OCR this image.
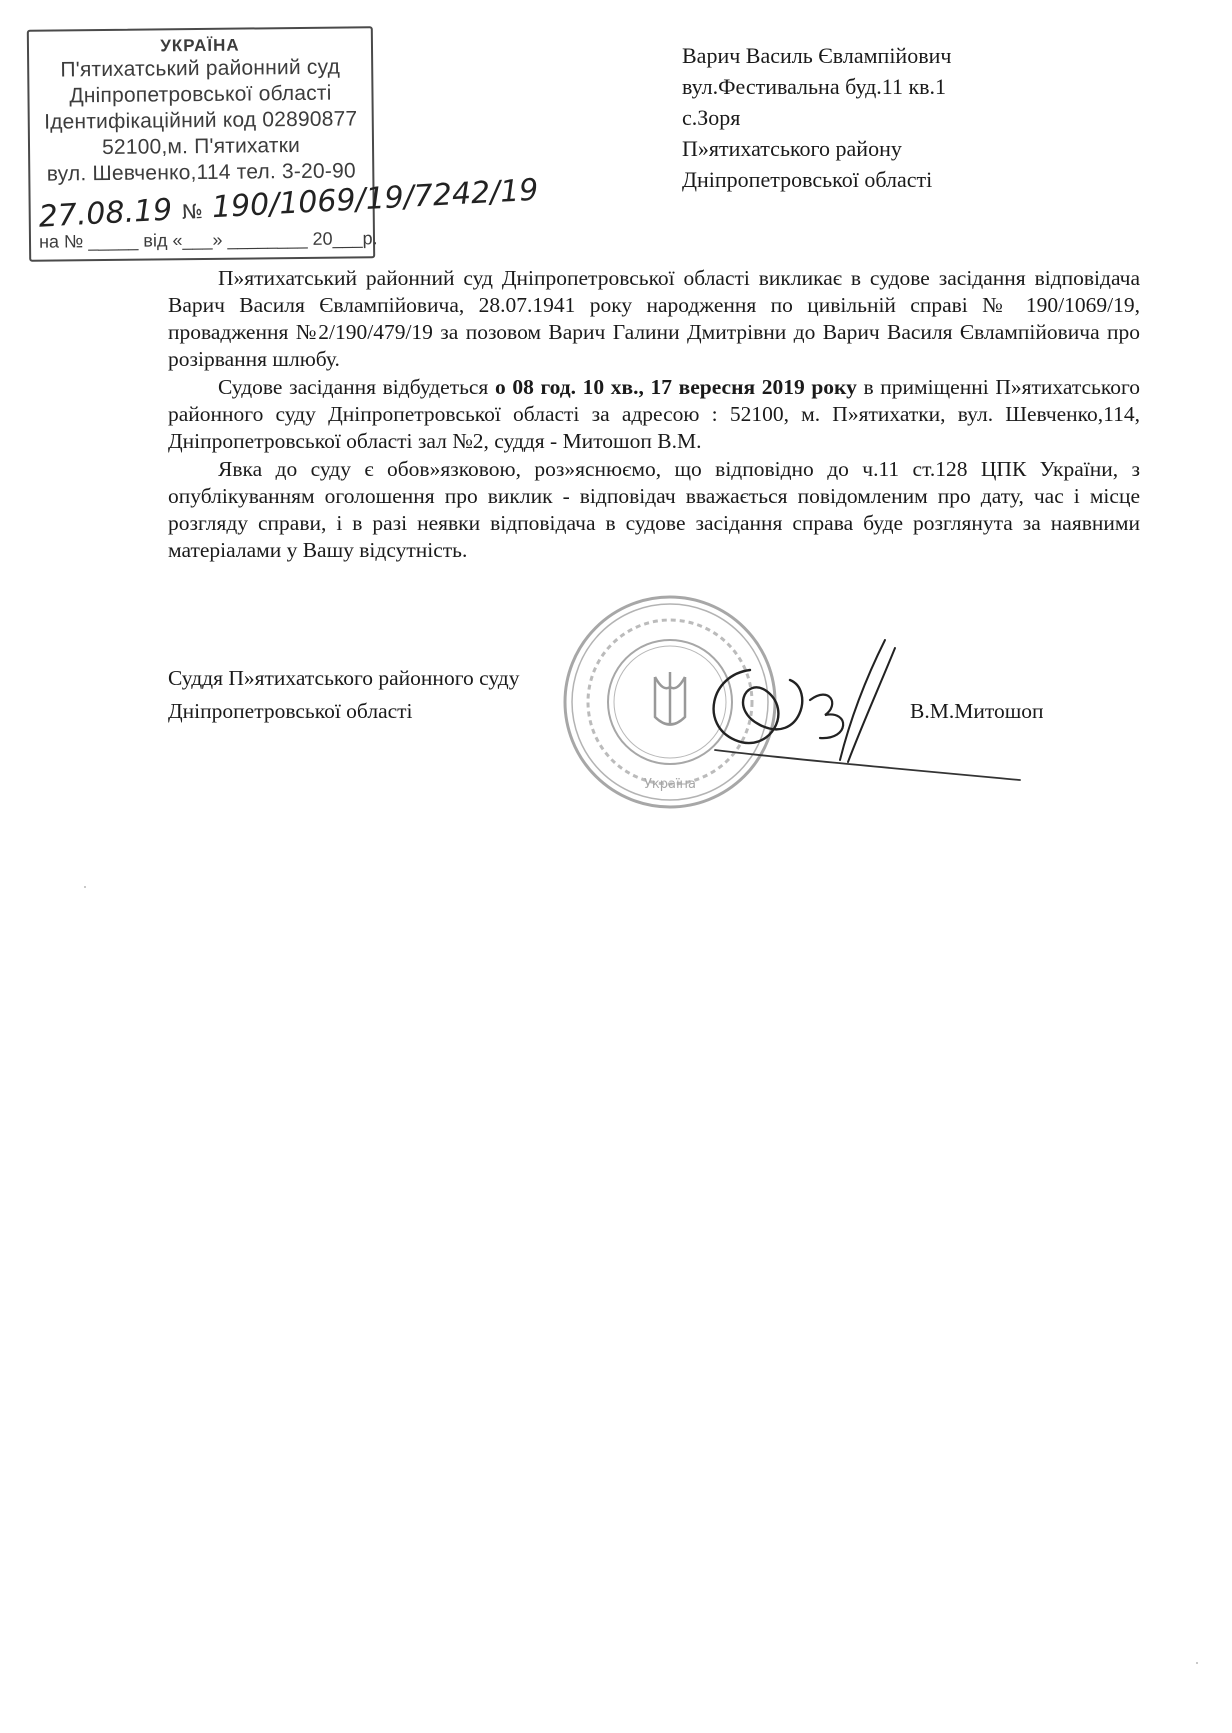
УКРАЇНА
П'ятихатський районний суд
Дніпропетровської області
Ідентифікаційний код 02890877
52100,м. П'ятихатки
вул. Шевченко,114 тел. 3-20-90
27.08.19 № 190/1069/19/7242/19
на № _____ від «___» ________ 20___р.
Варич Василь Євлампійович
вул.Фестивальна буд.11 кв.1
с.Зоря
П»ятихатського району
Дніпропетровської області

П»ятихатський районний суд Дніпропетровської області викликає в судове засідання відповідача Варич Василя Євлампійовича, 28.07.1941 року народження по цивільній справі № 190/1069/19, провадження №2/190/479/19 за позовом Варич Галини Дмитрівни до Варич Василя Євлампійовича про розірвання шлюбу.

Судове засідання відбудеться о 08 год. 10 хв., 17 вересня 2019 року в приміщенні П»ятихатського районного суду Дніпропетровської області за адресою : 52100, м. П»ятихатки, вул. Шевченко,114, Дніпропетровської області зал №2, суддя - Митошоп В.М.

Явка до суду є обов»язковою, роз»яснюємо, що відповідно до ч.11 ст.128 ЦПК України, з опублікуванням оголошення про виклик - відповідач вважається повідомленим про дату, час і місце розгляду справи, і в разі неявки відповідача в судове засідання справа буде розглянута за наявними матеріалами у Вашу відсутність.

Україна
Суддя П»ятихатського районного суду
Дніпропетровської області	В.М.Митошоп
